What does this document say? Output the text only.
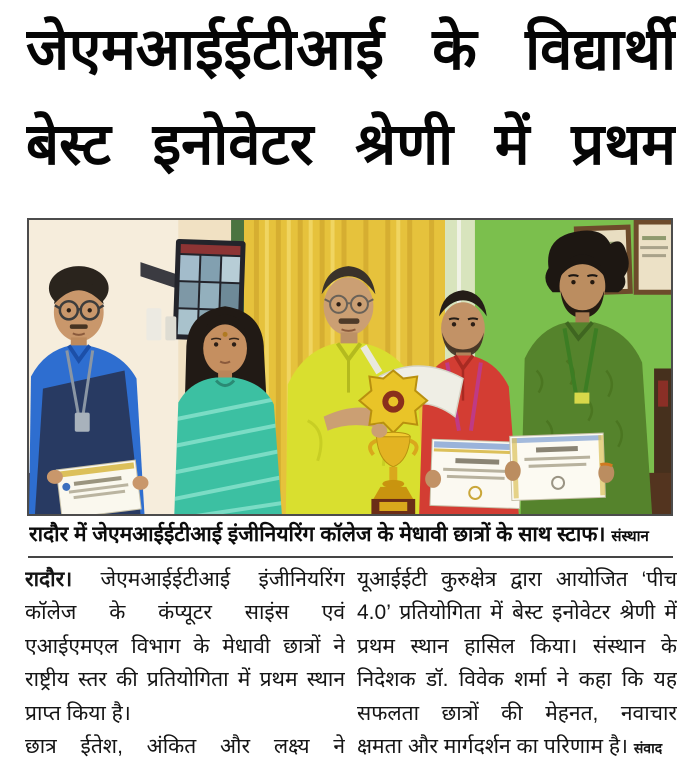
जेएमआईईटीआई के विद्यार्थी
बेस्ट इनोवेटर श्रेणी में प्रथम
रादौर में जेएमआईईटीआई इंजीनियरिंग कॉलेज के मेधावी छात्रों के साथ स्टाफ। संस्थान
रादौर। जेएमआईईटीआई इंजीनियरिंग
कॉलेज के कंप्यूटर साइंस एवं
एआईएमएल विभाग के मेधावी छात्रों ने
राष्ट्रीय स्तर की प्रतियोगिता में प्रथम स्थान
प्राप्त किया है।
छात्र ईतेश, अंकित और लक्ष्य ने
यूआईईटी कुरुक्षेत्र द्वारा आयोजित ‘पीच
4.0’ प्रतियोगिता में बेस्ट इनोवेटर श्रेणी में
प्रथम स्थान हासिल किया। संस्थान के
निदेशक डॉ. विवेक शर्मा ने कहा कि यह
सफलता छात्रों की मेहनत, नवाचार
क्षमता और मार्गदर्शन का परिणाम है। संवाद
